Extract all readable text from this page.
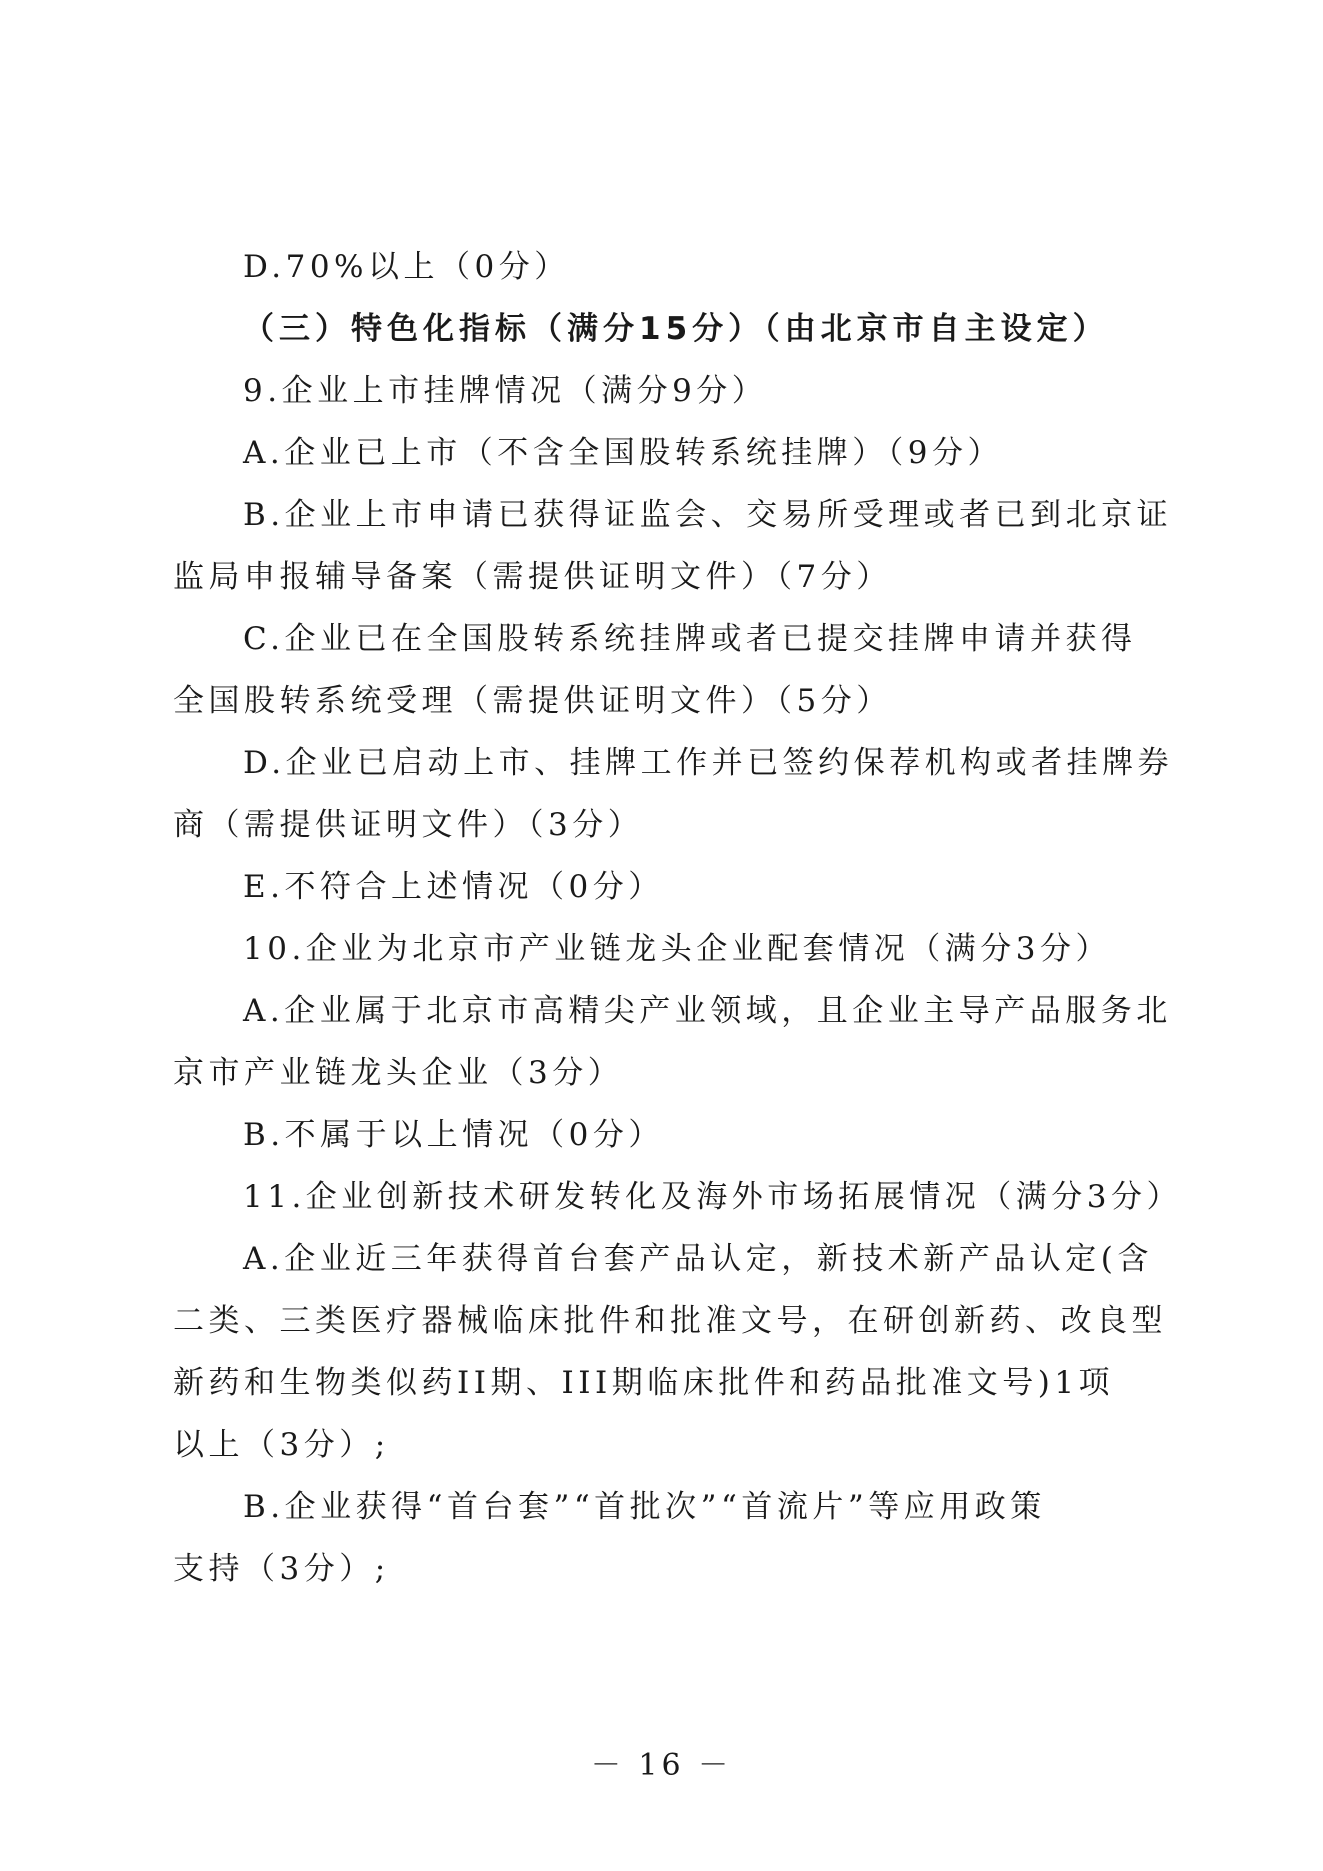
D.70%以上（0分）
（三）特色化指标（满分15分）（由北京市自主设定）
9.企业上市挂牌情况（满分9分）
A.企业已上市（不含全国股转系统挂牌）（9分）
B.企业上市申请已获得证监会、交易所受理或者已到北京证
监局申报辅导备案（需提供证明文件）（7分）
C.企业已在全国股转系统挂牌或者已提交挂牌申请并获得
全国股转系统受理（需提供证明文件）（5分）
D.企业已启动上市、挂牌工作并已签约保荐机构或者挂牌券
商（需提供证明文件）（3分）
E.不符合上述情况（0分）
10.企业为北京市产业链龙头企业配套情况（满分3分）
A.企业属于北京市高精尖产业领域，且企业主导产品服务北
京市产业链龙头企业（3分）
B.不属于以上情况（0分）
11.企业创新技术研发转化及海外市场拓展情况（满分3分）
A.企业近三年获得首台套产品认定，新技术新产品认定(含
二类、三类医疗器械临床批件和批准文号，在研创新药、改良型
新药和生物类似药II期、III期临床批件和药品批准文号)1项
以上（3分）;
B.企业获得“首台套”“首批次”“首流片”等应用政策
支持（3分）;
－ 16 －
